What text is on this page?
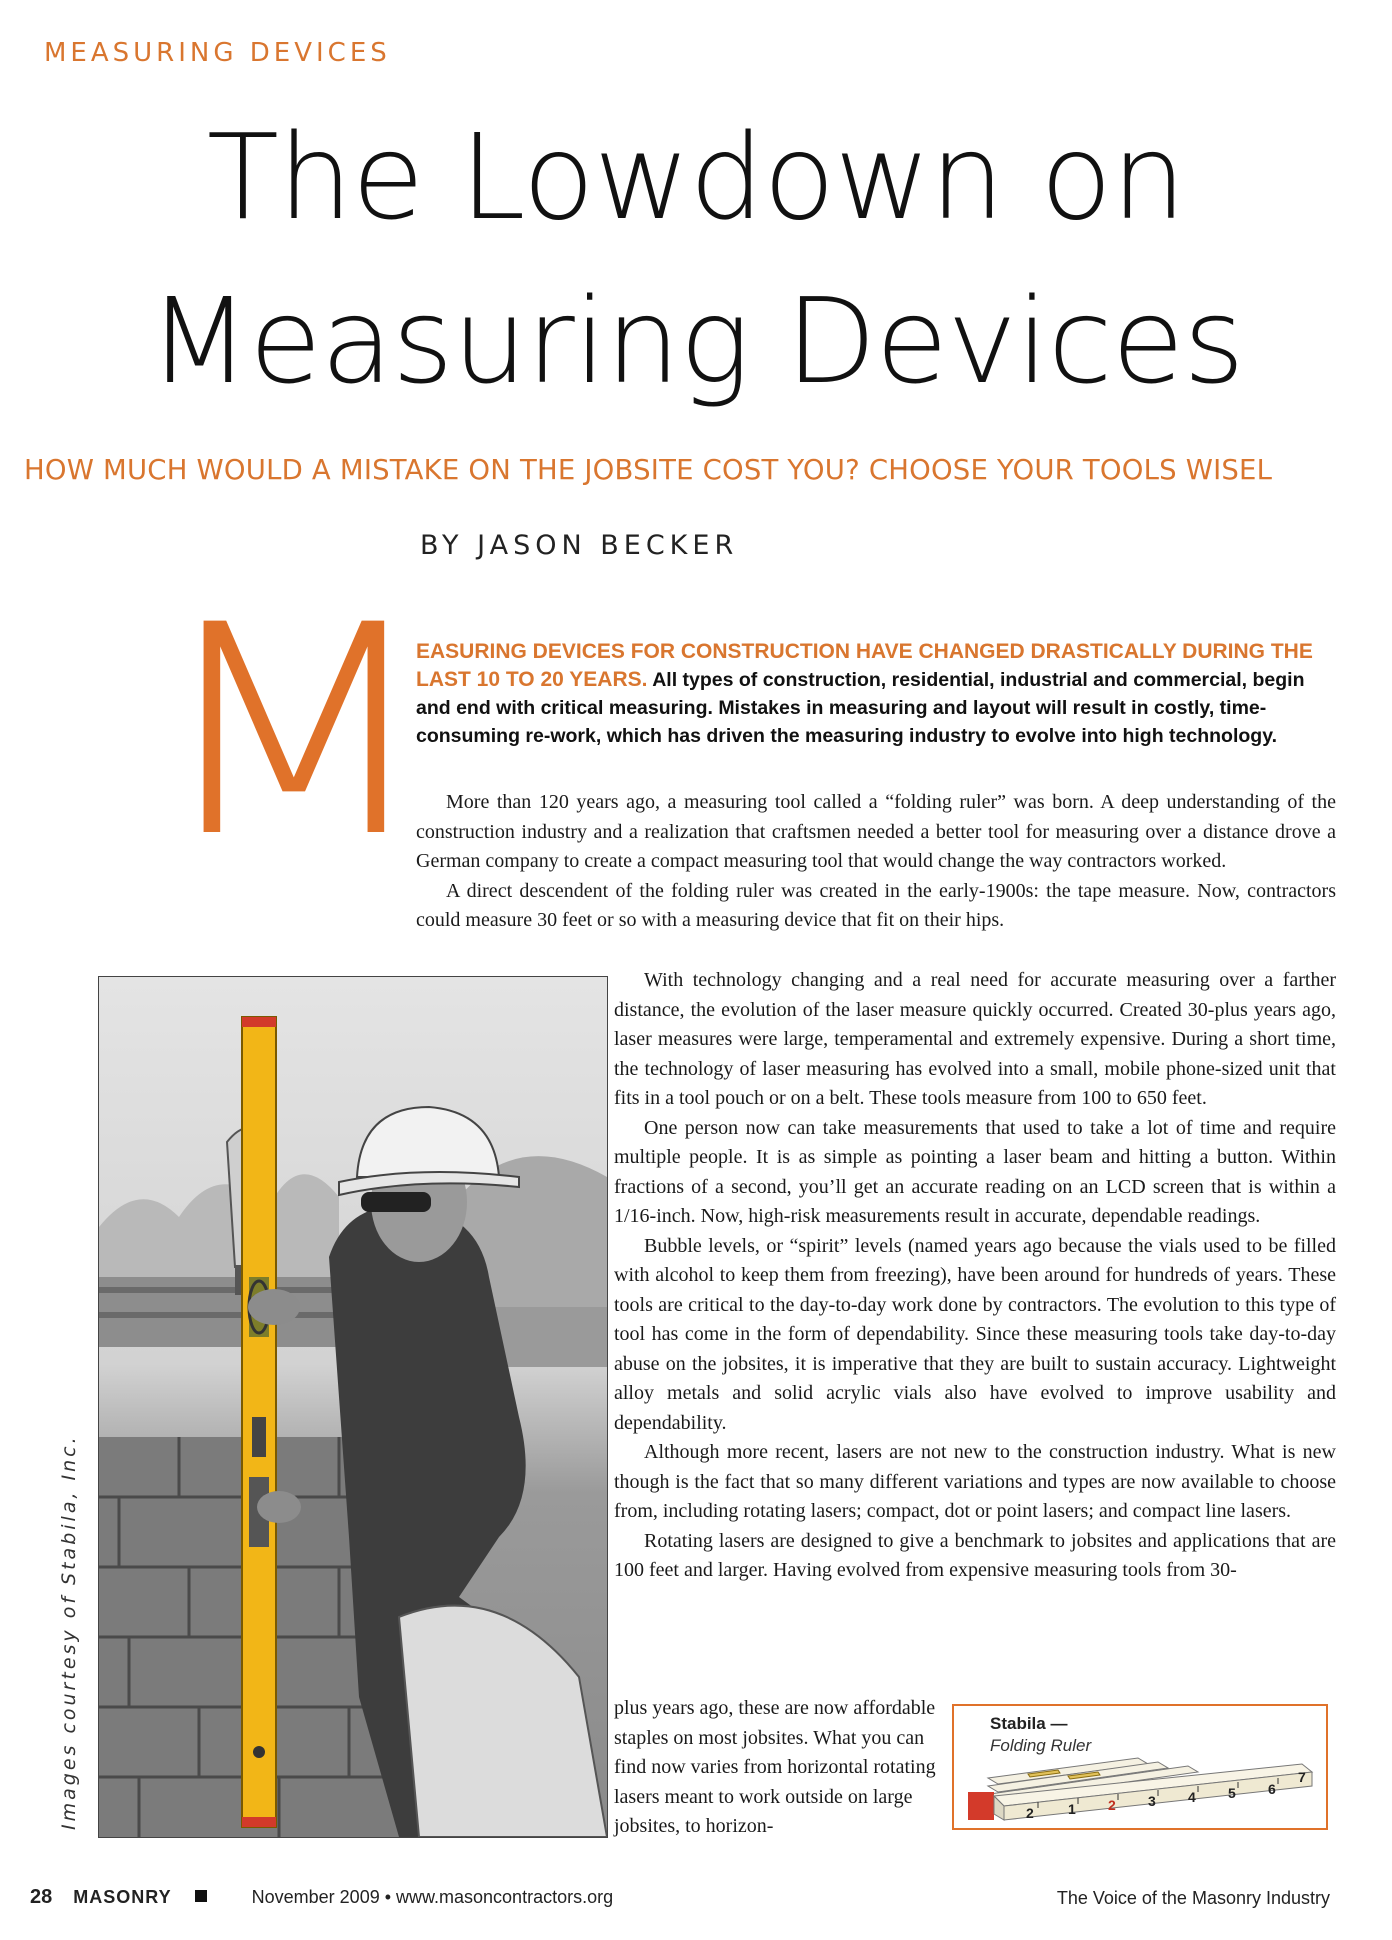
MEASURING DEVICES
The Lowdown on
Measuring Devices
HOW MUCH WOULD A MISTAKE ON THE JOBSITE COST YOU? CHOOSE YOUR TOOLS WISEL
BY JASON BECKER
M
EASURING DEVICES FOR CONSTRUCTION HAVE CHANGED DRASTICALLY DURING THE LAST 10 TO 20 YEARS. All types of construction, residential, industrial and commercial, begin and end with critical measuring. Mistakes in measuring and layout will result in costly, time-consuming re-work, which has driven the measuring industry to evolve into high technology.

More than 120 years ago, a measuring tool called a “folding ruler” was born. A deep understanding of the construction industry and a realization that craftsmen needed a better tool for measuring over a distance drove a German company to create a compact measuring tool that would change the way contractors worked.

A direct descendent of the folding ruler was created in the early-1900s: the tape measure. Now, contractors could measure 30 feet or so with a measuring device that fit on their hips.

Images courtesy of Stabila, Inc.

With technology changing and a real need for accurate measuring over a farther distance, the evolution of the laser measure quickly occurred. Created 30-plus years ago, laser measures were large, temperamental and extremely expensive. During a short time, the technology of laser measuring has evolved into a small, mobile phone-sized unit that fits in a tool pouch or on a belt. These tools measure from 100 to 650 feet.

One person now can take measurements that used to take a lot of time and require multiple people. It is as simple as pointing a laser beam and hitting a button. Within fractions of a second, you’ll get an accurate reading on an LCD screen that is within a 1/16-inch. Now, high-risk measurements result in accurate, dependable readings.

Bubble levels, or “spirit” levels (named years ago because the vials used to be filled with alcohol to keep them from freezing), have been around for hundreds of years. These tools are critical to the day-to-day work done by contractors. The evolution to this type of tool has come in the form of dependability. Since these measuring tools take day-to-day abuse on the jobsites, it is imperative that they are built to sustain accuracy. Lightweight alloy metals and solid acrylic vials also have evolved to improve usability and dependability.

Although more recent, lasers are not new to the construction industry. What is new though is the fact that so many different variations and types are now available to choose from, including rotating lasers; compact, dot or point lasers; and compact line lasers.

Rotating lasers are designed to give a benchmark to jobsites and applications that are 100 feet and larger. Having evolved from expensive measuring tools from 30-

plus years ago, these are now affordable staples on most jobsites. What you can find now varies from horizontal rotating lasers meant to work outside on large jobsites, to horizon-

Stabila —
Folding Ruler
2 1 2 3 4 5 6
7
28 MASONRY	November 2009 • www.masoncontractors.org	The Voice of the Masonry Industry
